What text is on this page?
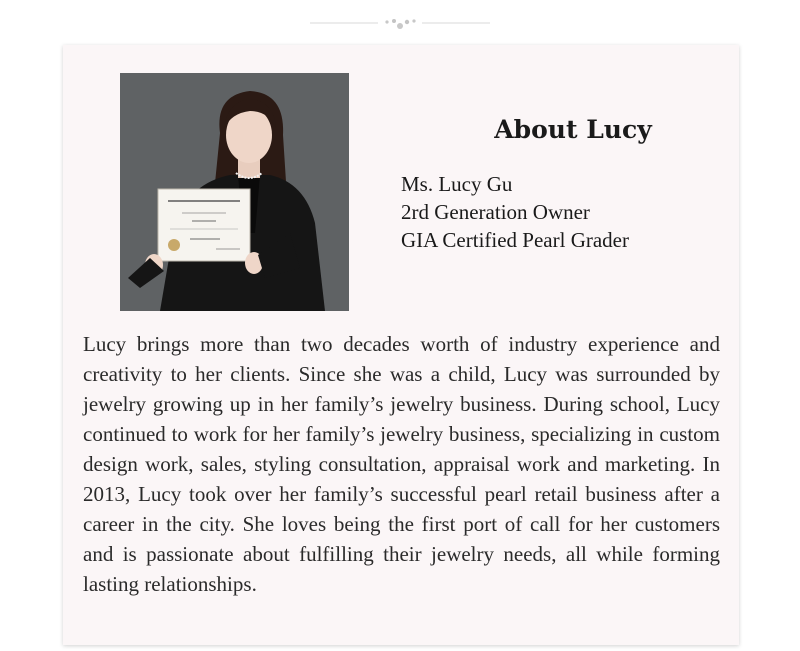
About Lucy
Ms. Lucy Gu
2rd Generation Owner
GIA Certified Pearl Grader

Lucy brings more than two decades worth of industry experience and creativity to her clients. Since she was a child, Lucy was surrounded by jewelry growing up in her family’s jewelry business. During school, Lucy continued to work for her family’s jewelry business, specializing in custom design work, sales, styling consultation, appraisal work and marketing. In 2013, Lucy took over her family’s successful pearl retail business after a career in the city. She loves being the first port of call for her customers and is passionate about fulfilling their jewelry needs, all while forming lasting relationships.
